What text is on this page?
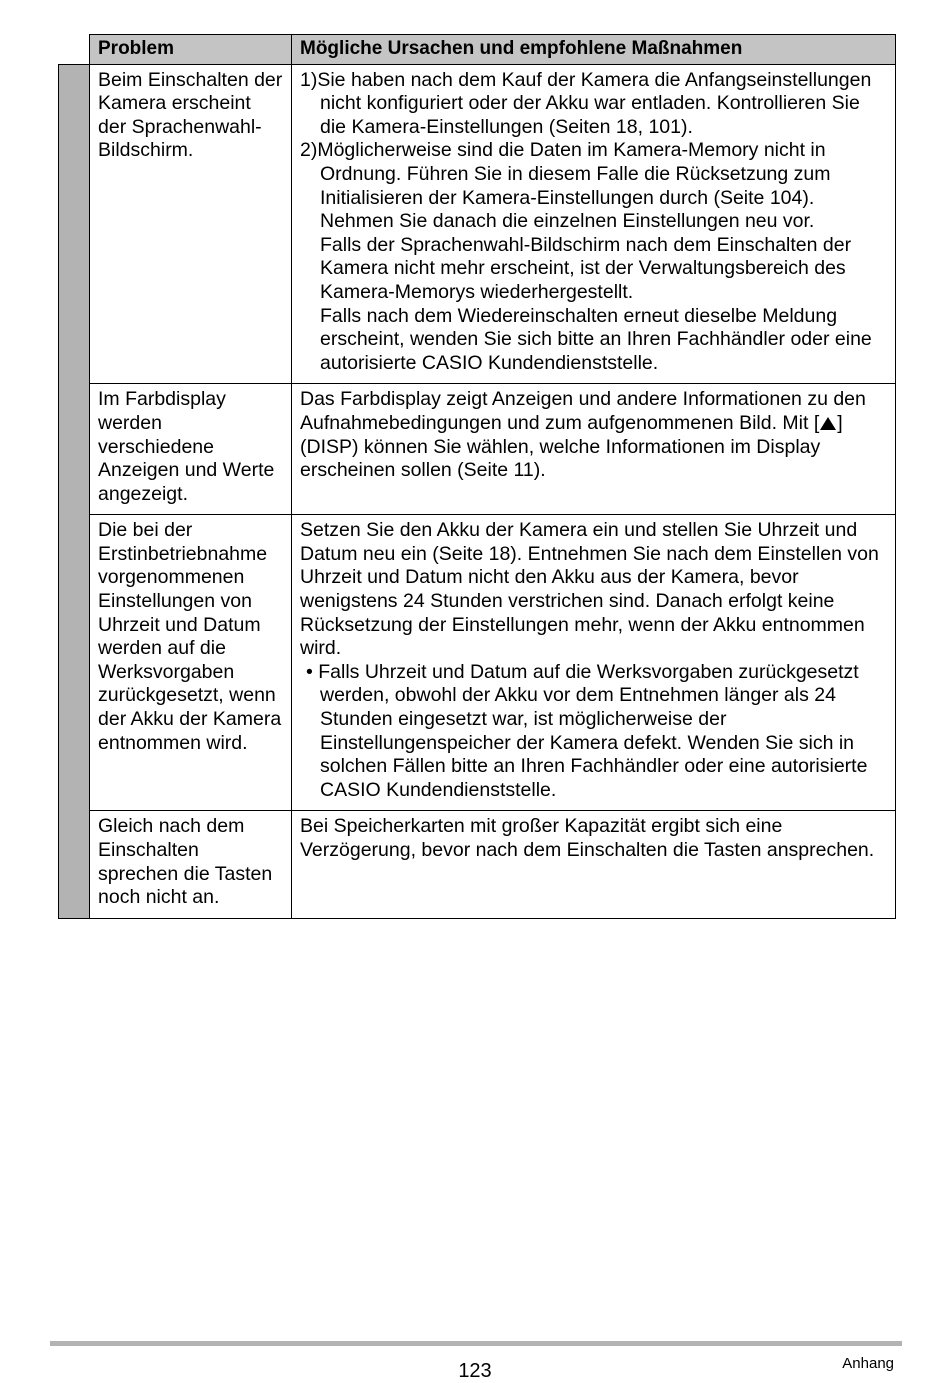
Problem	Mögliche Ursachen und empfohlene Maßnahmen
Beim Einschalten der Kamera erscheint der Sprachenwahl-Bildschirm.	1)Sie haben nach dem Kauf der Kamera die Anfangseinstellungen nicht konfiguriert oder der Akku war entladen. Kontrollieren Sie die Kamera-Einstellungen (Seiten 18, 101).

2)Möglicherweise sind die Daten im Kamera-Memory nicht in Ordnung. Führen Sie in diesem Falle die Rücksetzung zum Initialisieren der Kamera-Einstellungen durch (Seite 104).

Nehmen Sie danach die einzelnen Einstellungen neu vor.

Falls der Sprachenwahl-Bildschirm nach dem Einschalten der Kamera nicht mehr erscheint, ist der Verwaltungsbereich des Kamera-Memorys wiederhergestellt.

Falls nach dem Wiedereinschalten erneut dieselbe Meldung erscheint, wenden Sie sich bitte an Ihren Fachhändler oder eine autorisierte CASIO Kundendienststelle.

Im Farbdisplay werden verschiedene Anzeigen und Werte angezeigt.	Das Farbdisplay zeigt Anzeigen und andere Informationen zu den Aufnahmebedingungen und zum aufgenommenen Bild. Mit [ ] (DISP) können Sie wählen, welche Informationen im Display erscheinen sollen (Seite 11).

Die bei der Erstinbetriebnahme vorgenommenen Einstellungen von Uhrzeit und Datum werden auf die Werksvorgaben zurückgesetzt, wenn der Akku der Kamera entnommen wird.	Setzen Sie den Akku der Kamera ein und stellen Sie Uhrzeit und Datum neu ein (Seite 18). Entnehmen Sie nach dem Einstellen von Uhrzeit und Datum nicht den Akku aus der Kamera, bevor wenigstens 24 Stunden verstrichen sind. Danach erfolgt keine Rücksetzung der Einstellungen mehr, wenn der Akku entnommen wird.

• Falls Uhrzeit und Datum auf die Werksvorgaben zurückgesetzt werden, obwohl der Akku vor dem Entnehmen länger als 24 Stunden eingesetzt war, ist möglicherweise der Einstellungenspeicher der Kamera defekt. Wenden Sie sich in solchen Fällen bitte an Ihren Fachhändler oder eine autorisierte CASIO Kundendienststelle.

Gleich nach dem Einschalten sprechen die Tasten noch nicht an.	Bei Speicherkarten mit großer Kapazität ergibt sich eine Verzögerung, bevor nach dem Einschalten die Tasten ansprechen.

123	Anhang
